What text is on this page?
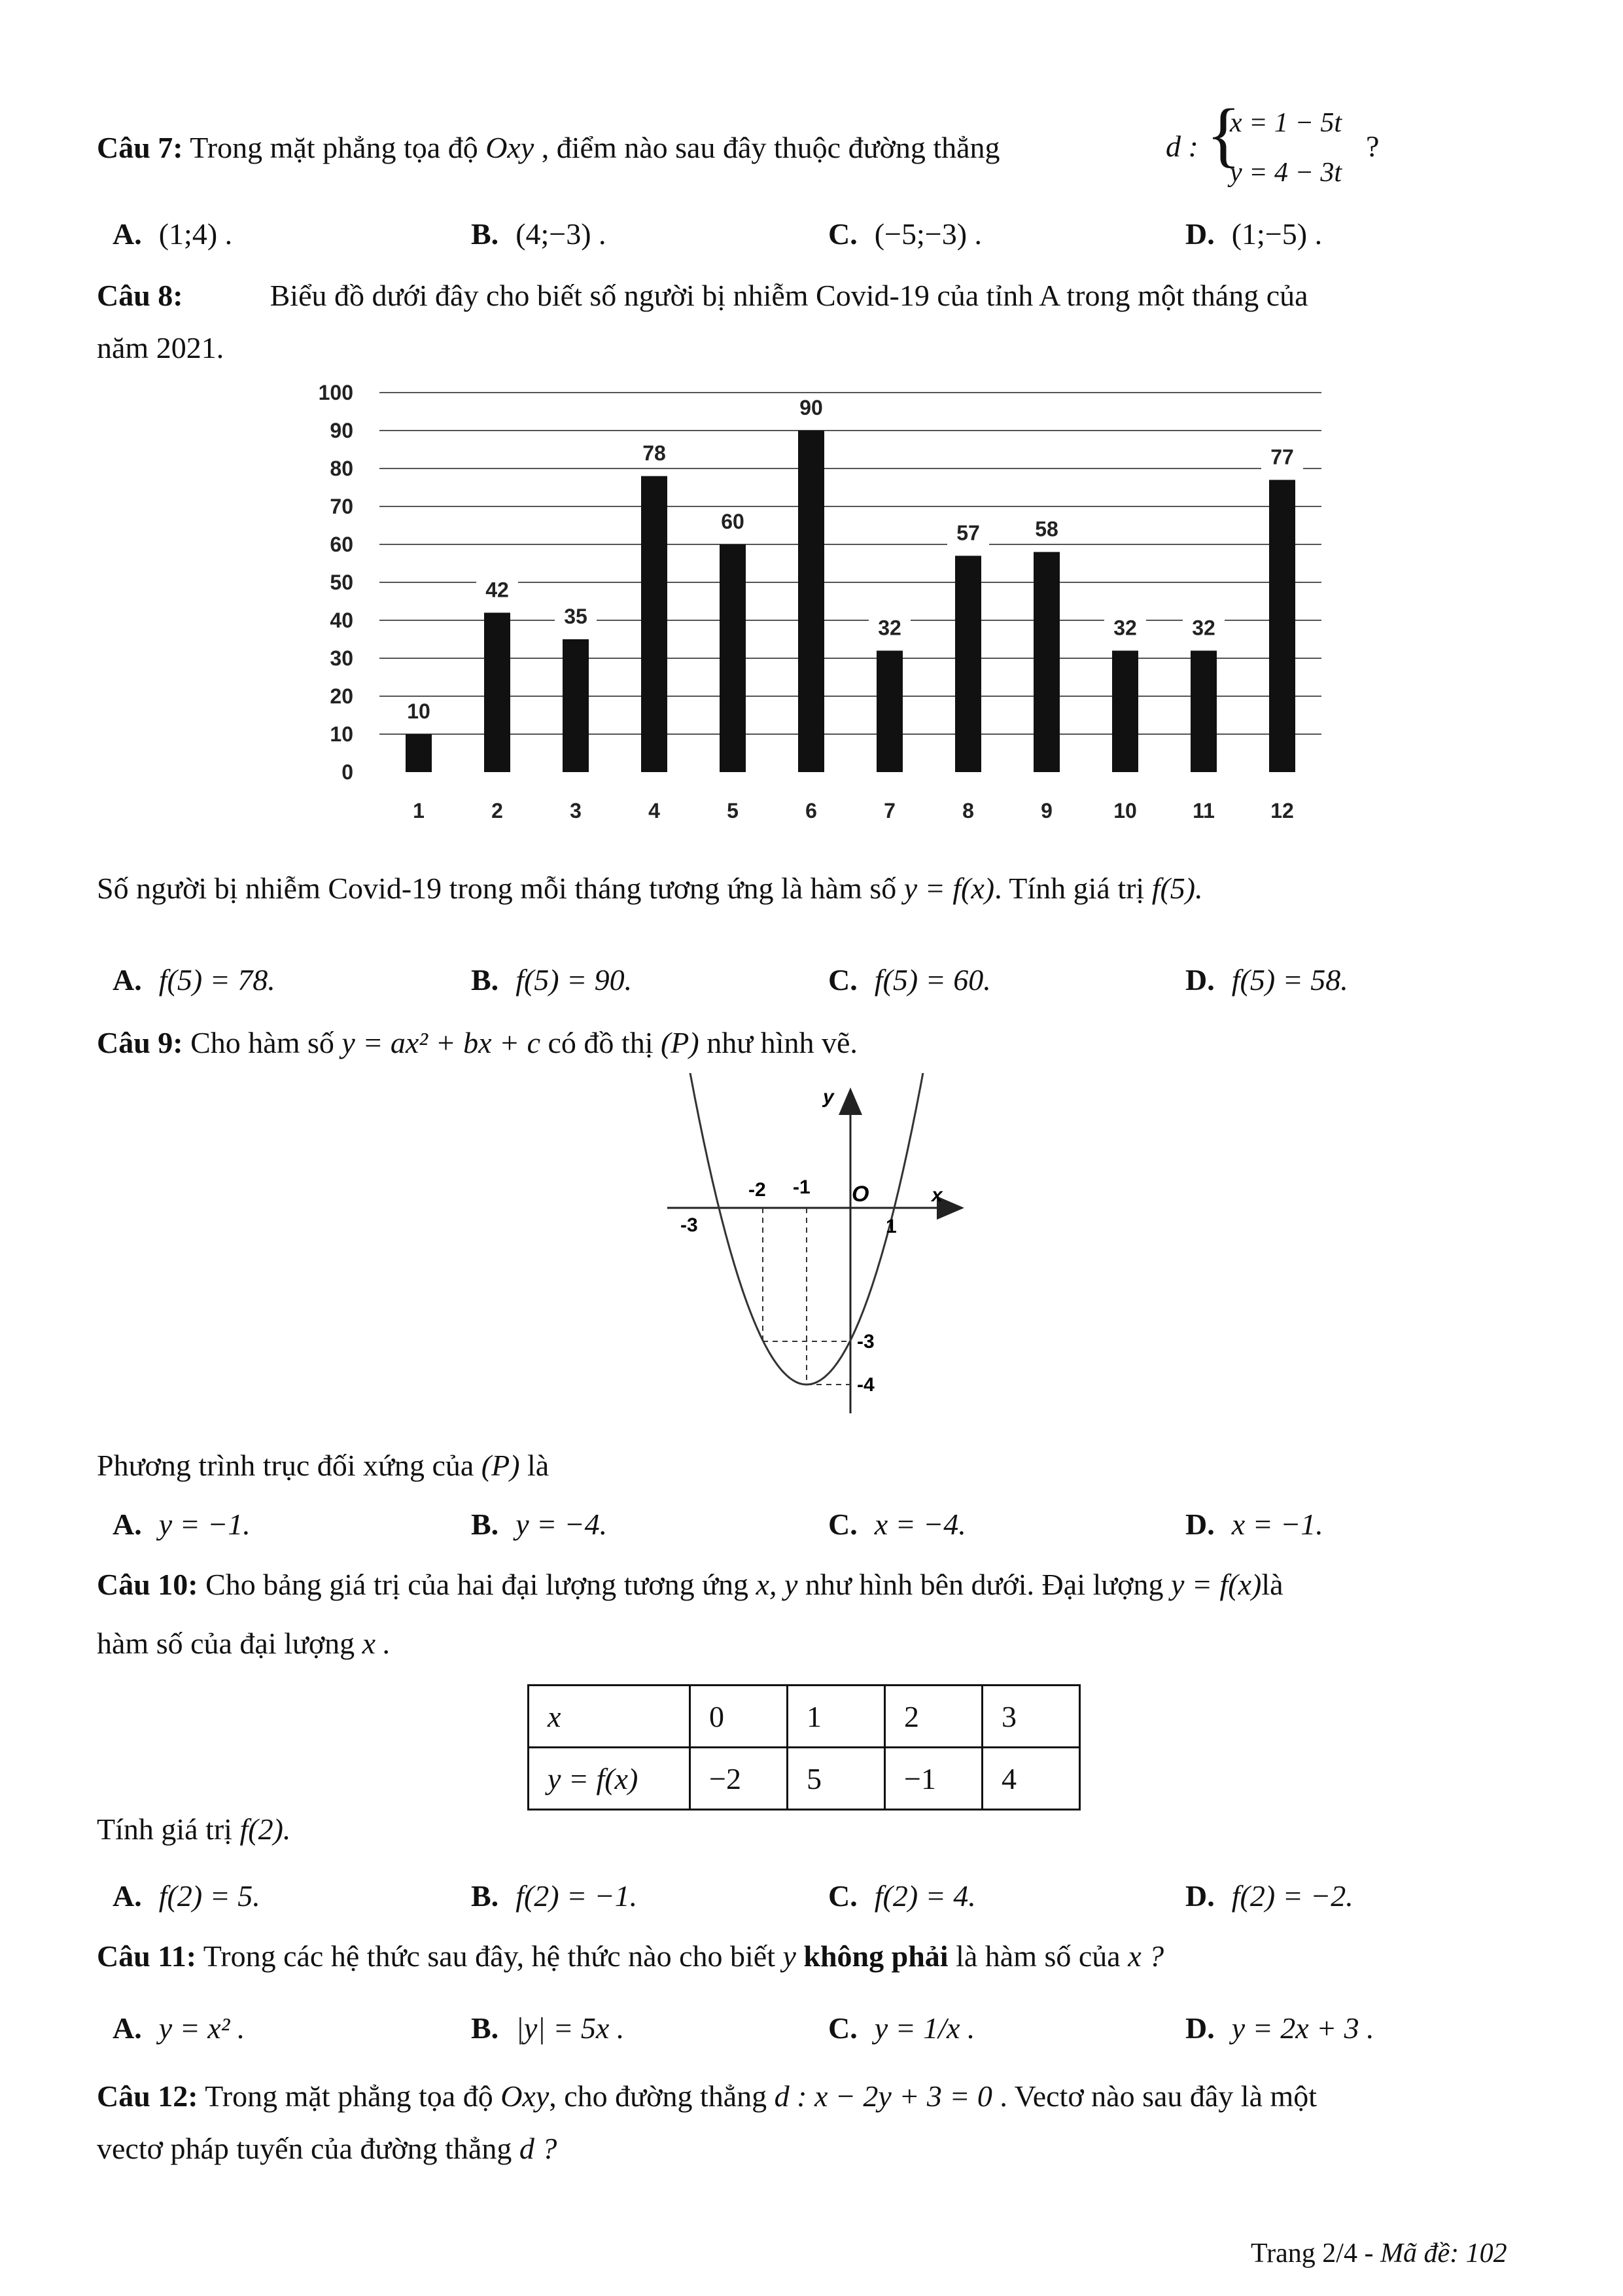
Câu 7: Trong mặt phẳng tọa độ Oxy , điểm nào sau đây thuộc đường thẳng	d : {
x = 1 − 5t
y = 4 − 3t
?
A. (1;4) .	B. (4;−3) .	C. (−5;−3) .	D. (1;−5) .
Câu 8:	Biểu đồ dưới đây cho biết số người bị nhiễm Covid-19 của tỉnh A trong một tháng của
năm 2021.
0
10
20
30
40
50
60
70
80
90
100
1	2	3	4	5	6	7	8	9	10	11	12
10
42
35
78
60
90
32
57	58
32	32
77
Số người bị nhiễm Covid-19 trong mỗi tháng tương ứng là hàm số y = f(x). Tính giá trị f(5).
A. f(5) = 78.	B. f(5) = 90.	C. f(5) = 60.	D. f(5) = 58.
Câu 9: Cho hàm số y = ax² + bx + c có đồ thị (P) như hình vẽ.
y
x
O
-3
-2 -1
1
-3
-4
Phương trình trục đối xứng của (P) là
A. y = −1.	B. y = −4.	C. x = −4.	D. x = −1.
Câu 10: Cho bảng giá trị của hai đại lượng tương ứng x, y như hình bên dưới. Đại lượng y = f(x)là
hàm số của đại lượng x .
x	0	1	2	3
y = f(x)	−2	5	−1	4
Tính giá trị f(2).
A. f(2) = 5.	B. f(2) = −1.	C. f(2) = 4.	D. f(2) = −2.
Câu 11: Trong các hệ thức sau đây, hệ thức nào cho biết y không phải là hàm số của x ?
A. y = x² .	B. |y| = 5x .	C. y = 1/x .	D. y = 2x + 3 .
Câu 12: Trong mặt phẳng tọa độ Oxy, cho đường thẳng d : x − 2y + 3 = 0 . Vectơ nào sau đây là một
vectơ pháp tuyến của đường thẳng d ?
Trang 2/4 - Mã đề: 102
